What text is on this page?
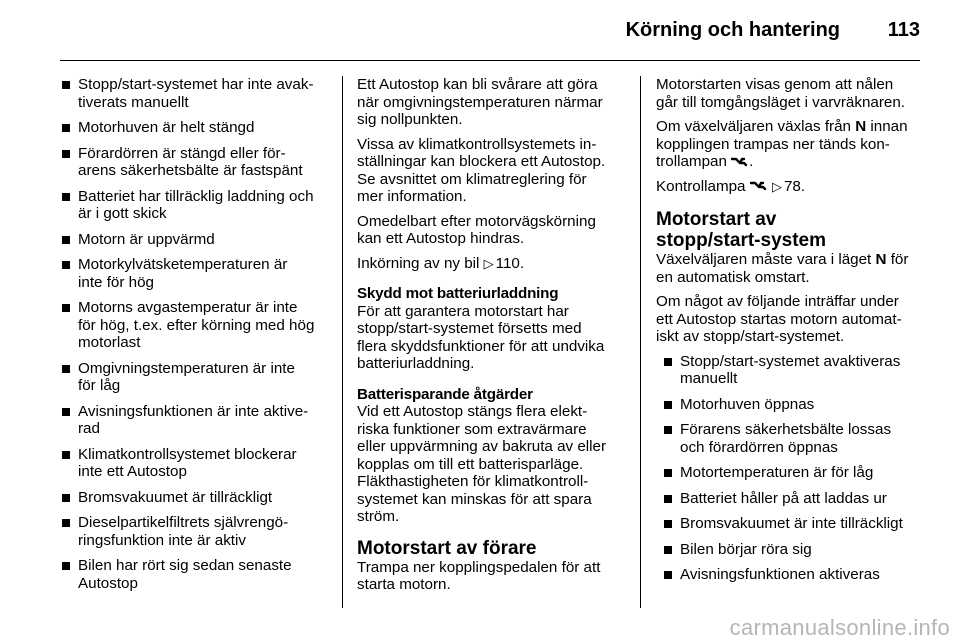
Körning och hantering	113
Stopp/start-systemet har inte avak-
tiverats manuellt
Motorhuven är helt stängd
Förardörren är stängd eller för-
arens säkerhetsbälte är fastspänt
Batteriet har tillräcklig laddning och
är i gott skick
Motorn är uppvärmd
Motorkylvätsketemperaturen är
inte för hög
Motorns avgastemperatur är inte
för hög, t.ex. efter körning med hög
motorlast
Omgivningstemperaturen är inte
för låg
Avisningsfunktionen är inte aktive-
rad
Klimatkontrollsystemet blockerar
inte ett Autostop
Bromsvakuumet är tillräckligt
Dieselpartikelfiltrets självrengö-
ringsfunktion inte är aktiv
Bilen har rört sig sedan senaste
Autostop

Ett Autostop kan bli svårare att göra
när omgivningstemperaturen närmar
sig nollpunkten.

Vissa av klimatkontrollsystemets in-
ställningar kan blockera ett Autostop.
Se avsnittet om klimatreglering för
mer information.

Omedelbart efter motorvägskörning
kan ett Autostop hindras.

Inkörning av ny bil ▷ 110.

Skydd mot batteriurladdning

För att garantera motorstart har
stopp/start-systemet försetts med
flera skyddsfunktioner för att undvika
batteriurladdning.

Batterisparande åtgärder

Vid ett Autostop stängs flera elekt-
riska funktioner som extravärmare
eller uppvärmning av bakruta av eller
kopplas om till ett batterisparläge.
Fläkthastigheten för klimatkontroll-
systemet kan minskas för att spara
ström.

Motorstart av förare

Trampa ner kopplingspedalen för att
starta motorn.

Motorstarten visas genom att nålen
går till tomgångsläget i varvräknaren.

Om växelväljaren växlas från N innan
kopplingen trampas ner tänds kon-
trollampan .

Kontrollampa ▷ 78.

Motorstart av
stopp/start-system

Växelväljaren måste vara i läget N för
en automatisk omstart.

Om något av följande inträffar under
ett Autostop startas motorn automat-
iskt av stopp/start-systemet.

Stopp/start-systemet avaktiveras
manuellt
Motorhuven öppnas
Förarens säkerhetsbälte lossas
och förardörren öppnas
Motortemperaturen är för låg
Batteriet håller på att laddas ur
Bromsvakuumet är inte tillräckligt
Bilen börjar röra sig
Avisningsfunktionen aktiveras
carmanualsonline.info
